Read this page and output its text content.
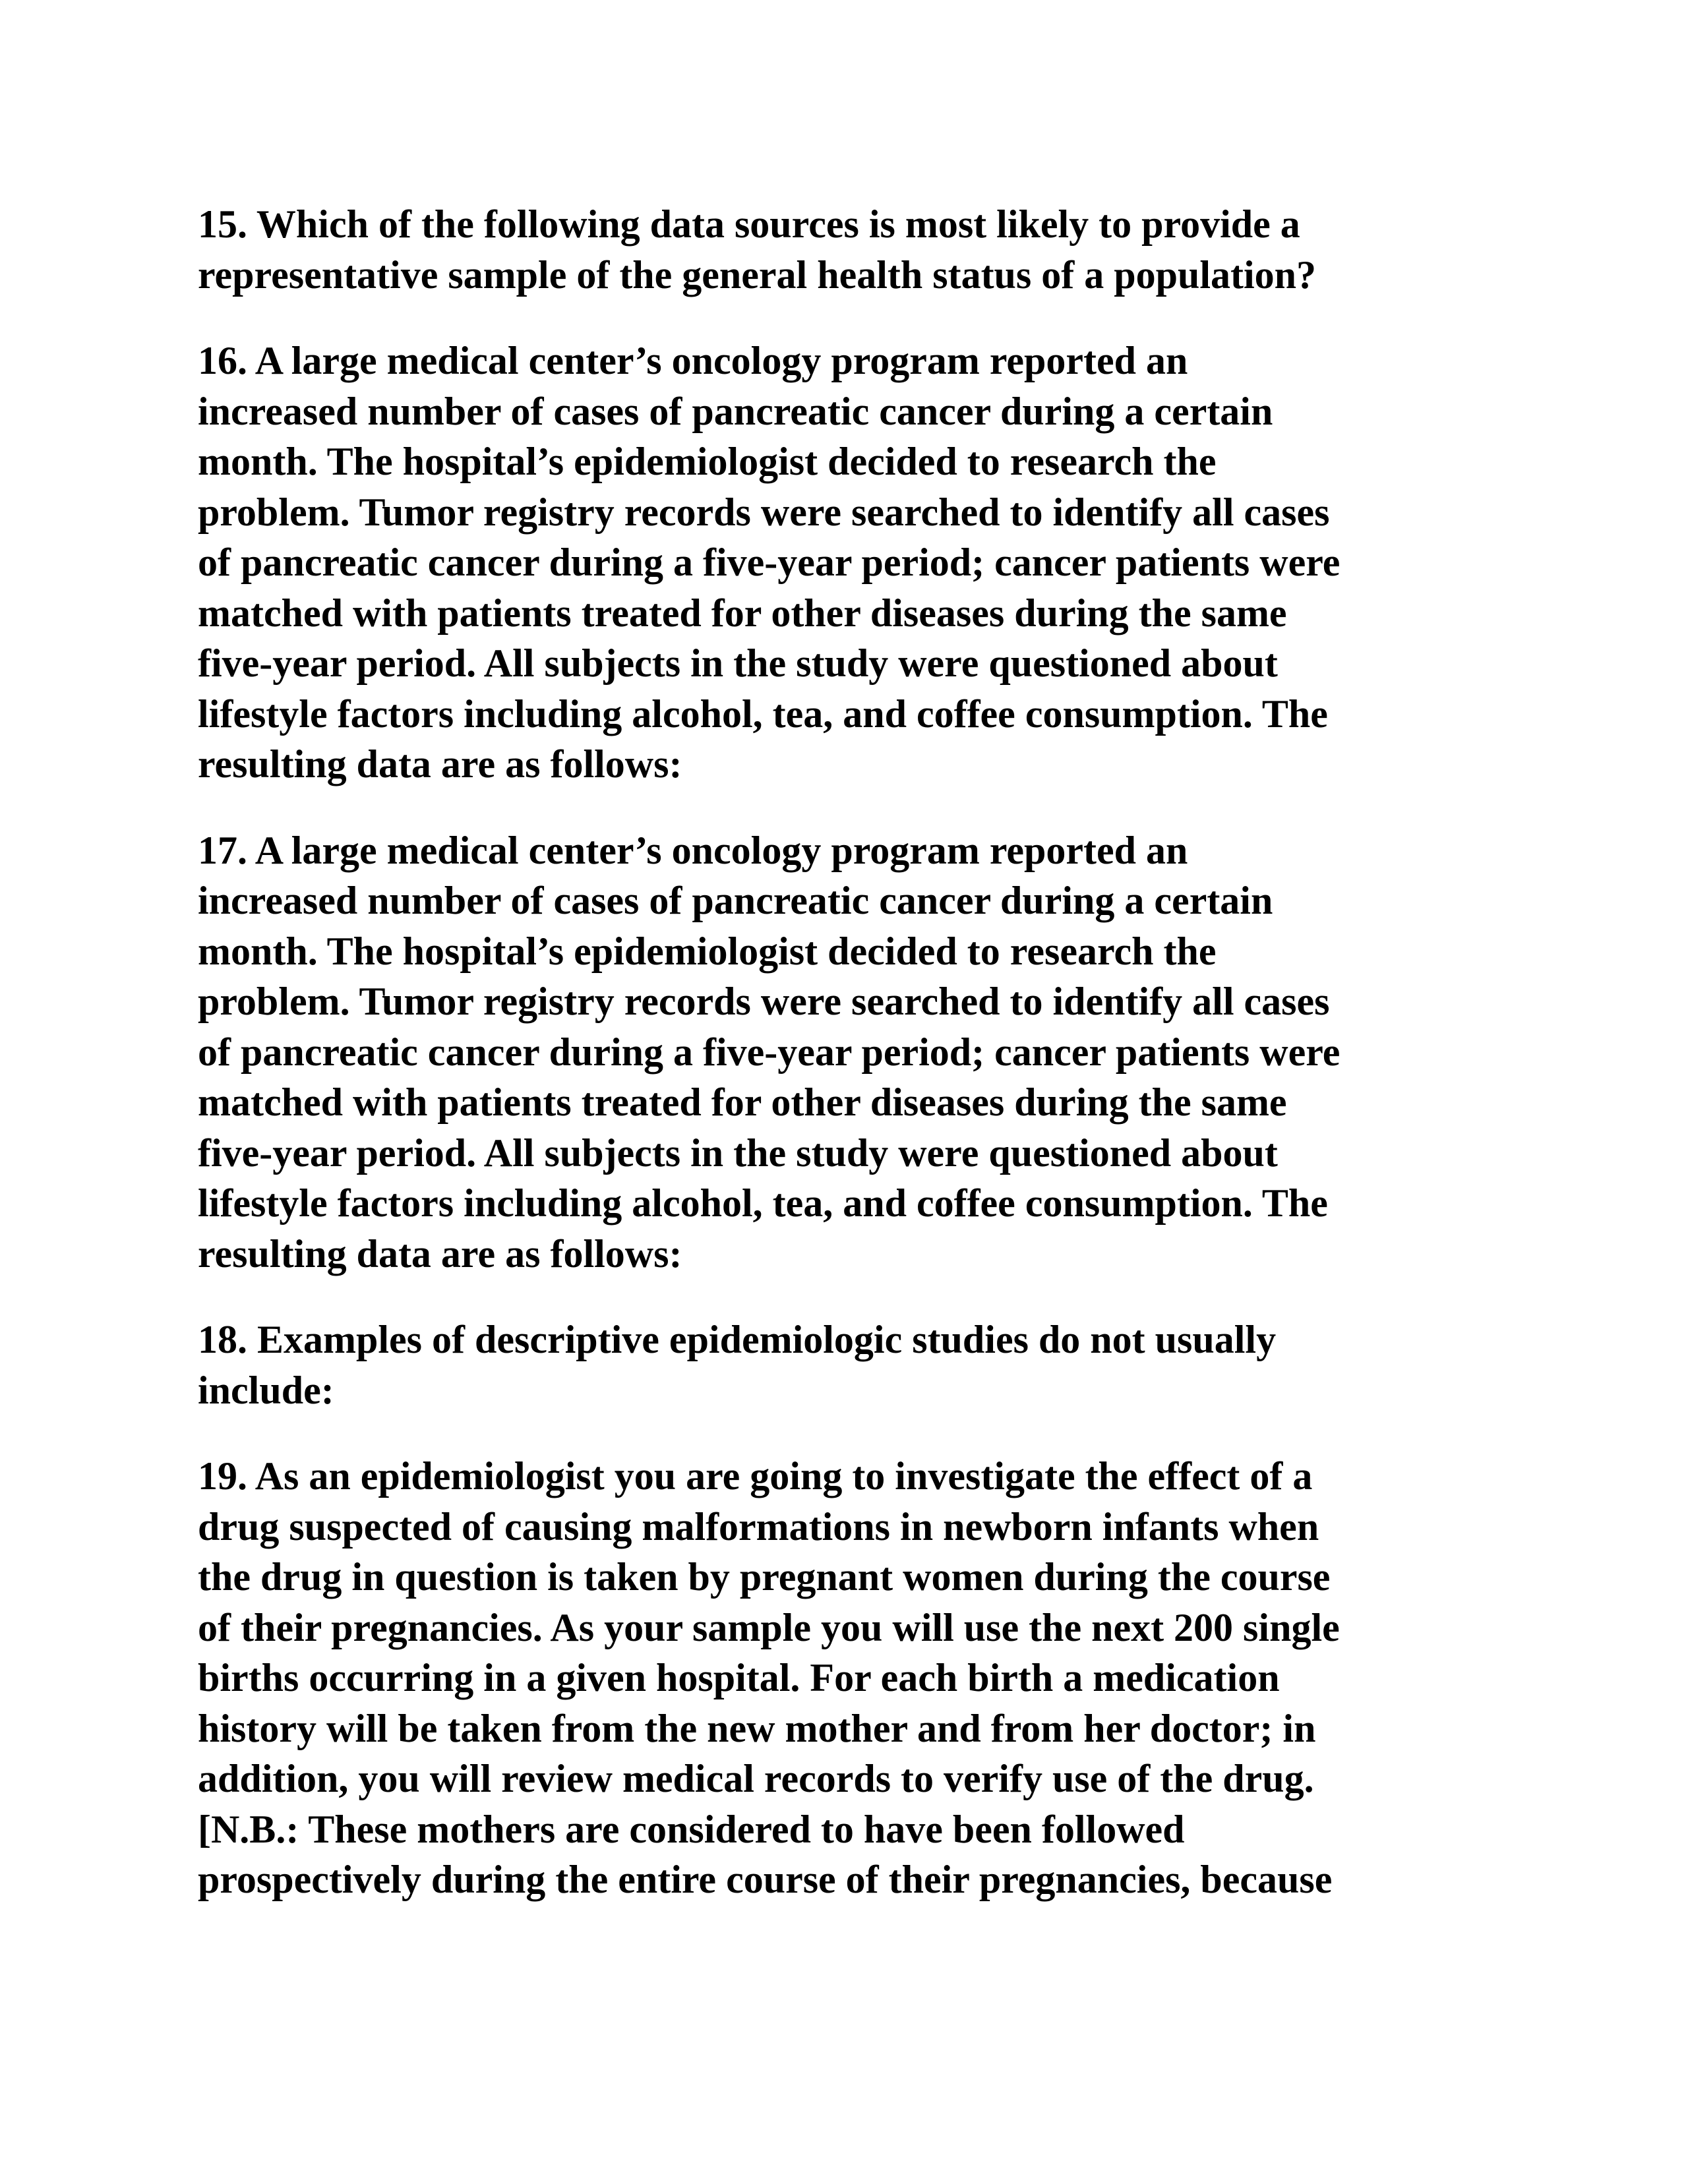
15. Which of the following data sources is most likely to provide a
representative sample of the general health status of a population?
16. A large medical center’s oncology program reported an
increased number of cases of pancreatic cancer during a certain
month. The hospital’s epidemiologist decided to research the
problem. Tumor registry records were searched to identify all cases
of pancreatic cancer during a five-year period; cancer patients were
matched with patients treated for other diseases during the same
five-year period. All subjects in the study were questioned about
lifestyle factors including alcohol, tea, and coffee consumption. The
resulting data are as follows:
17. A large medical center’s oncology program reported an
increased number of cases of pancreatic cancer during a certain
month. The hospital’s epidemiologist decided to research the
problem. Tumor registry records were searched to identify all cases
of pancreatic cancer during a five-year period; cancer patients were
matched with patients treated for other diseases during the same
five-year period. All subjects in the study were questioned about
lifestyle factors including alcohol, tea, and coffee consumption. The
resulting data are as follows:
18. Examples of descriptive epidemiologic studies do not usually
include:
19. As an epidemiologist you are going to investigate the effect of a
drug suspected of causing malformations in newborn infants when
the drug in question is taken by pregnant women during the course
of their pregnancies. As your sample you will use the next 200 single
births occurring in a given hospital. For each birth a medication
history will be taken from the new mother and from her doctor; in
addition, you will review medical records to verify use of the drug.
[N.B.: These mothers are considered to have been followed
prospectively during the entire course of their pregnancies, because
